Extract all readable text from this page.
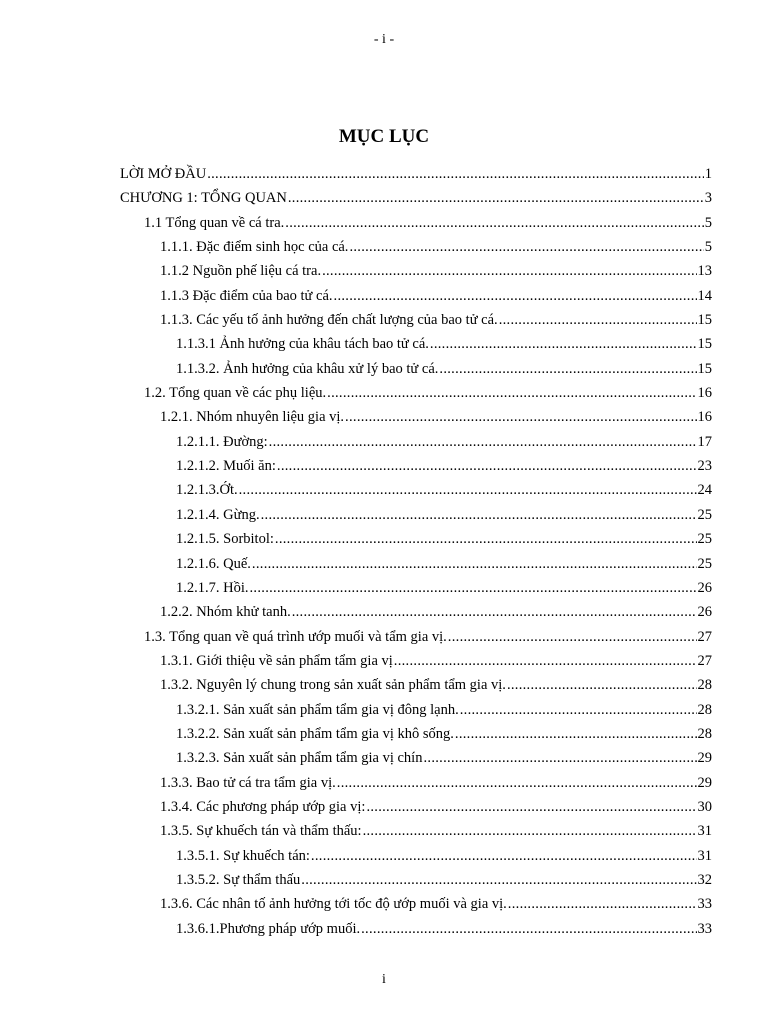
- i -
MỤC LỤC
LỜI MỞ ĐẦU .....	1
CHƯƠNG 1: TỔNG QUAN .....	3
1.1 Tổng quan về cá tra. .....	5
1.1.1. Đặc điểm sinh học của cá. .....	5
1.1.2 Nguồn phế liệu cá tra. .....	13
1.1.3 Đặc điểm của bao tử cá. .....	14
1.1.3. Các yếu tố ảnh hưởng đến chất lượng của bao tử cá. .....	15
1.1.3.1 Ảnh hưởng của khâu tách bao tử cá. .....	15
1.1.3.2. Ảnh hưởng của khâu xử lý bao tử cá. .....	15
1.2. Tổng quan về các phụ liệu. .....	16
1.2.1. Nhóm nhuyên liệu gia vị. .....	16
1.2.1.1. Đường: .....	17
1.2.1.2. Muối ăn: .....	23
1.2.1.3.Ớt. .....	24
1.2.1.4. Gừng. .....	25
1.2.1.5. Sorbitol: .....	25
1.2.1.6. Quế. .....	25
1.2.1.7. Hồi. .....	26
1.2.2. Nhóm khử tanh. .....	26
1.3. Tổng quan về quá trình ướp muối và tẩm gia vị. .....	27
1.3.1. Giới thiệu về sản phẩm tẩm gia vị .....	27
1.3.2. Nguyên lý chung trong sản xuất sản phẩm tẩm gia vị. .....	28
1.3.2.1. Sản xuất sản phẩm tẩm gia vị đông lạnh. .....	28
1.3.2.2. Sản xuất sản phẩm tẩm gia vị khô sống. .....	28
1.3.2.3. Sản xuất sản phẩm tẩm gia vị chín .....	29
1.3.3. Bao tử cá tra tẩm gia vị. .....	29
1.3.4. Các phương pháp ướp gia vị: .....	30
1.3.5. Sự khuếch tán và thẩm thấu: .....	31
1.3.5.1. Sự khuếch tán: .....	31
1.3.5.2. Sự thẩm thấu .....	32
1.3.6. Các nhân tố ảnh hưởng tới tốc độ ướp muối và gia vị. .....	33
1.3.6.1.Phương pháp ướp muối. .....	33
i
